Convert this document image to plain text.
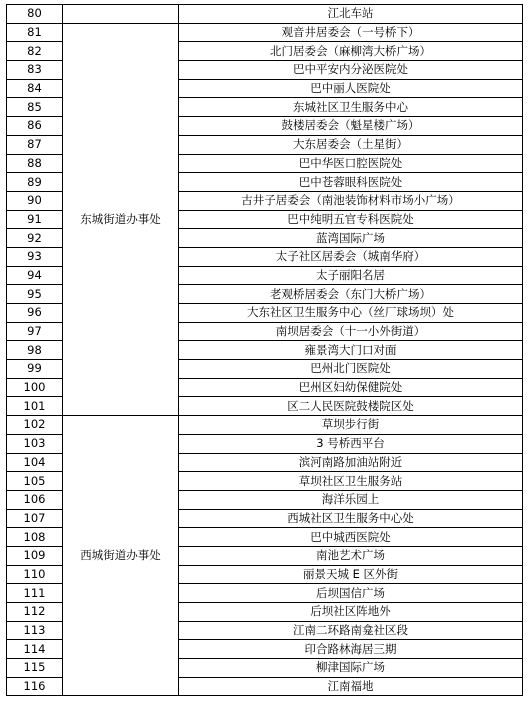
80		江北车站
81	东城街道办事处	观音井居委会（一号桥下）
82		北门居委会（麻柳湾大桥广场）
83		巴中平安内分泌医院处
84		巴中丽人医院处
85		东城社区卫生服务中心
86		鼓楼居委会（魁星楼广场）
87		大东居委会（土星街）
88		巴中华医口腔医院处
89		巴中苍蓉眼科医院处
90		古井子居委会（南池装饰材料市场小广场）
91		巴中纯明五官专科医院处
92		蓝湾国际广场
93		太子社区居委会（城南华府）
94		太子丽阳名居
95		老观桥居委会（东门大桥广场）
96		大东社区卫生服务中心（丝厂球场坝）处
97		南坝居委会（十一小外街道）
98		雍景湾大门口对面
99		巴州北门医院处
100		巴州区妇幼保健院处
101		区二人民医院鼓楼院区处
102	西城街道办事处	草坝步行街
103		3 号桥西平台
104		滨河南路加油站附近
105		草坝社区卫生服务站
106		海洋乐园上
107		西城社区卫生服务中心处
108		巴中城西医院处
109		南池艺术广场
110		丽景天城 E 区外街
111		后坝国信广场
112		后坝社区阵地外
113		江南二环路南龛社区段
114		印合路林海居三期
115		柳津国际广场
116		江南福地
